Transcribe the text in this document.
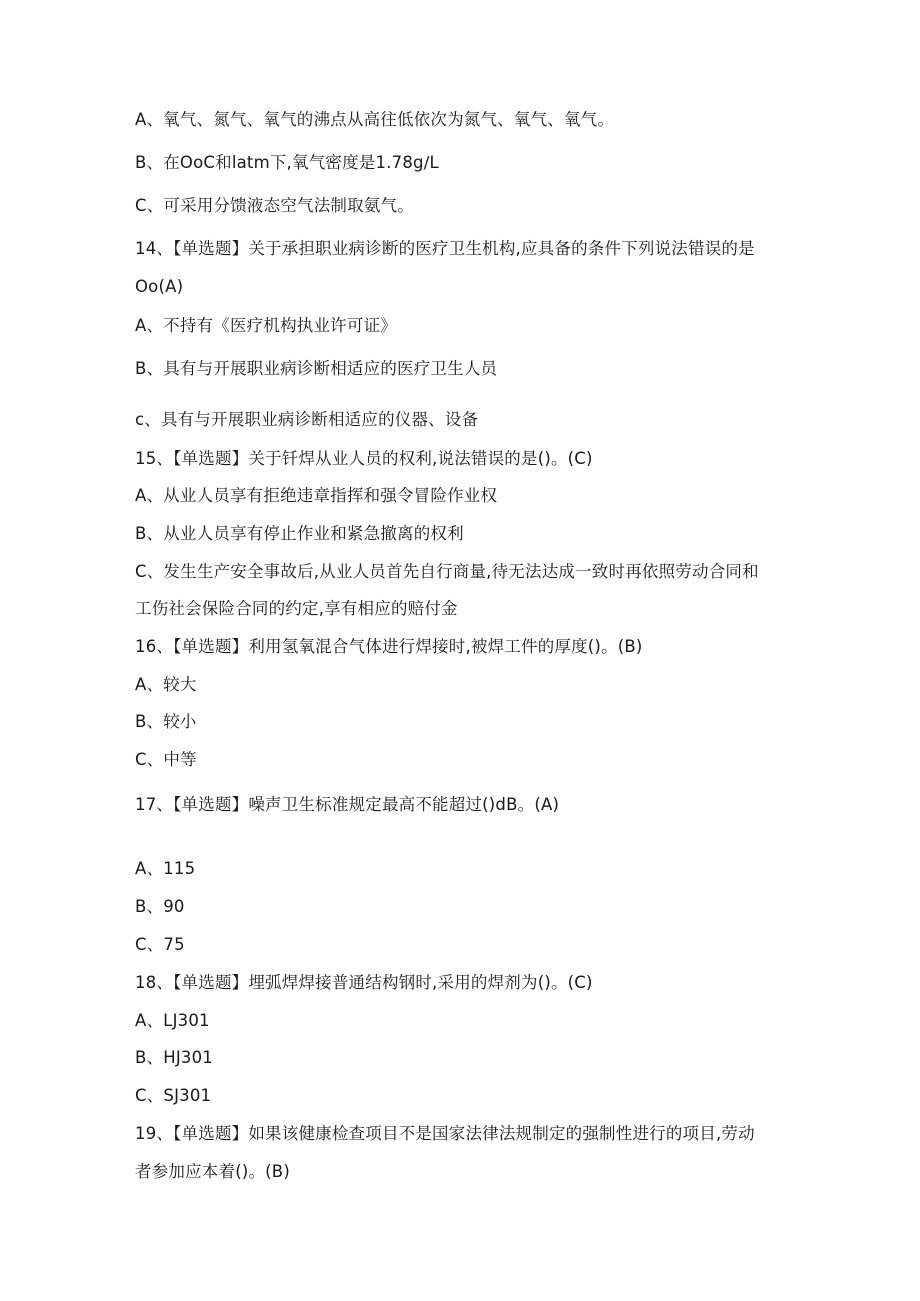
A、氧气、氮气、氧气的沸点从高往低依次为氮气、氧气、氧气。
B、在OoC和latm下,氧气密度是1.78g∕L
C、可采用分馈液态空气法制取氨气。
14、【单选题】关于承担职业病诊断的医疗卫生机构,应具备的条件下列说法错误的是
Oo(A)
A、不持有《医疗机构执业许可证》
B、具有与开展职业病诊断相适应的医疗卫生人员
c、具有与开展职业病诊断相适应的仪器、设备
15、【单选题】关于钎焊从业人员的权利,说法错误的是()。(C)
A、从业人员享有拒绝违章指挥和强令冒险作业权
B、从业人员享有停止作业和紧急撤离的权利
C、发生生产安全事故后,从业人员首先自行商量,待无法达成一致时再依照劳动合同和
工伤社会保险合同的约定,享有相应的赔付金
16、【单选题】利用氢氧混合气体进行焊接时,被焊工件的厚度()。(B)
A、较大
B、较小
C、中等
17、【单选题】噪声卫生标准规定最高不能超过()dB。(A)
A、115
B、90
C、75
18、【单选题】埋弧焊焊接普通结构钢时,采用的焊剂为()。(C)
A、LJ301
B、HJ301
C、SJ301
19、【单选题】如果该健康检查项目不是国家法律法规制定的强制性进行的项目,劳动
者参加应本着()。(B)
